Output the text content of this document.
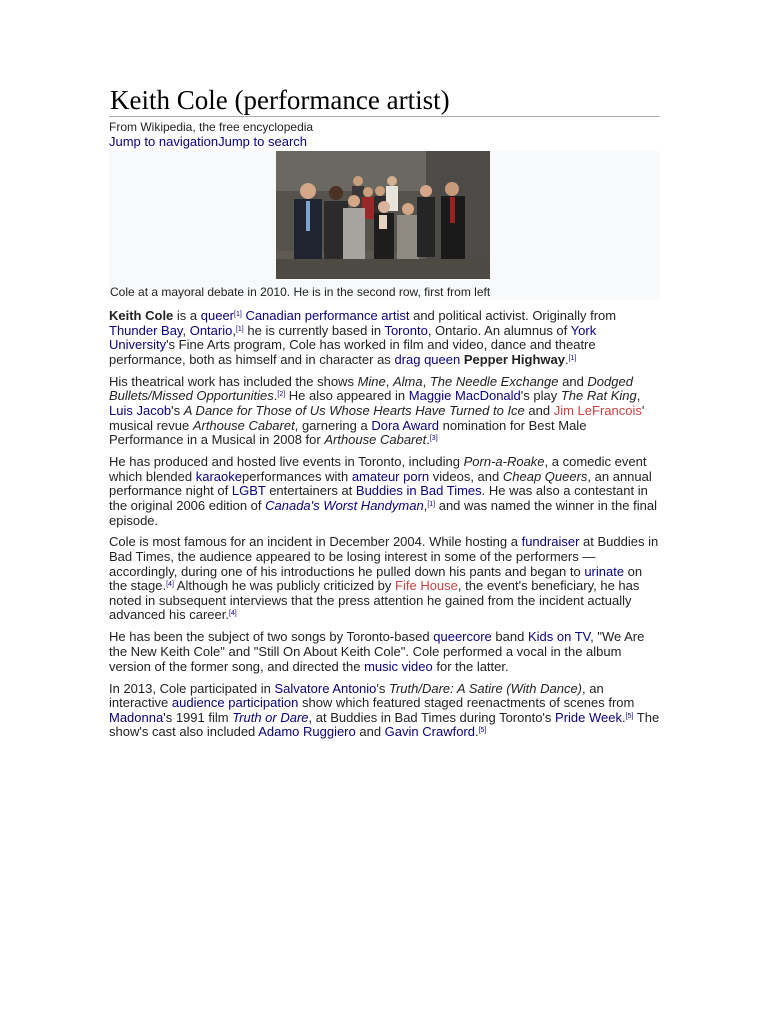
Keith Cole (performance artist)
From Wikipedia, the free encyclopedia
Jump to navigationJump to search
Cole at a mayoral debate in 2010. He is in the second row, first from left

Keith Cole is a queer[1] Canadian performance artist and political activist. Originally from Thunder Bay, Ontario,[1] he is currently based in Toronto, Ontario. An alumnus of York University's Fine Arts program, Cole has worked in film and video, dance and theatre performance, both as himself and in character as drag queen Pepper Highway.[1]

His theatrical work has included the shows Mine, Alma, The Needle Exchange and Dodged Bullets/Missed Opportunities.[2] He also appeared in Maggie MacDonald's play The Rat King, Luis Jacob's A Dance for Those of Us Whose Hearts Have Turned to Ice and Jim LeFrancois' musical revue Arthouse Cabaret, garnering a Dora Award nomination for Best Male Performance in a Musical in 2008 for Arthouse Cabaret.[3]

He has produced and hosted live events in Toronto, including Porn-a-Roake, a comedic event which blended karaokeperformances with amateur porn videos, and Cheap Queers, an annual performance night of LGBT entertainers at Buddies in Bad Times. He was also a contestant in the original 2006 edition of Canada's Worst Handyman,[1] and was named the winner in the final episode.

Cole is most famous for an incident in December 2004. While hosting a fundraiser at Buddies in Bad Times, the audience appeared to be losing interest in some of the performers — accordingly, during one of his introductions he pulled down his pants and began to urinate on the stage.[4] Although he was publicly criticized by Fife House, the event's beneficiary, he has noted in subsequent interviews that the press attention he gained from the incident actually advanced his career.[4]

He has been the subject of two songs by Toronto-based queercore band Kids on TV, "We Are the New Keith Cole" and "Still On About Keith Cole". Cole performed a vocal in the album version of the former song, and directed the music video for the latter.

In 2013, Cole participated in Salvatore Antonio's Truth/Dare: A Satire (With Dance), an interactive audience participation show which featured staged reenactments of scenes from Madonna's 1991 film Truth or Dare, at Buddies in Bad Times during Toronto's Pride Week.[5] The show's cast also included Adamo Ruggiero and Gavin Crawford.[5]
